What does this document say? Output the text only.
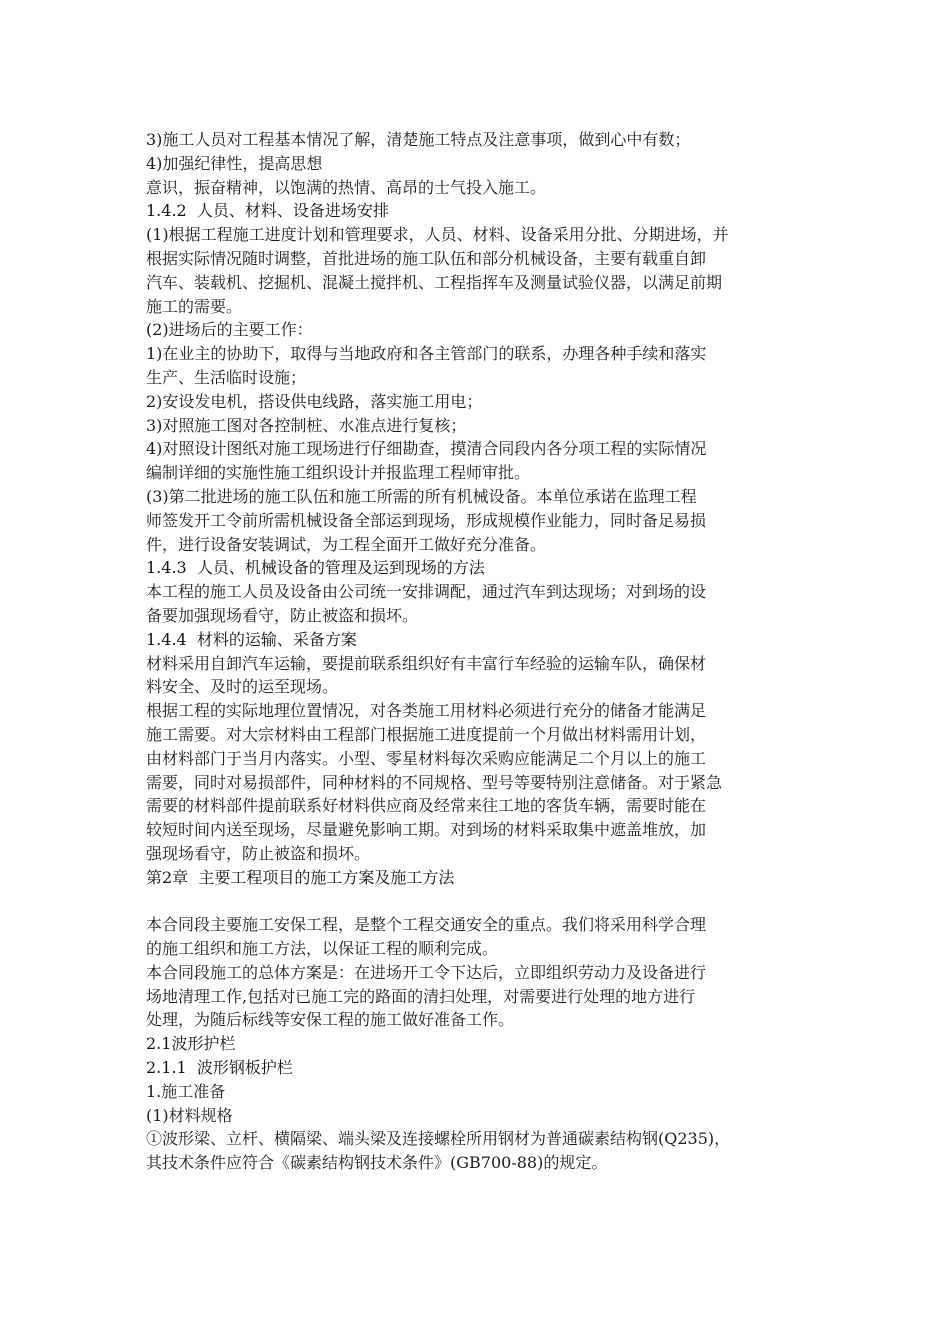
3)施工人员对工程基本情况了解，清楚施工特点及注意事项，做到心中有数；
4)加强纪律性，提高思想
意识，振奋精神，以饱满的热情、高昂的士气投入施工。
1.4.2  人员、材料、设备进场安排
(1)根据工程施工进度计划和管理要求，人员、材料、设备采用分批、分期进场，并
根据实际情况随时调整，首批进场的施工队伍和部分机械设备，主要有载重自卸
汽车、装载机、挖掘机、混凝土搅拌机、工程指挥车及测量试验仪器，以满足前期
施工的需要。
(2)进场后的主要工作：
1)在业主的协助下，取得与当地政府和各主管部门的联系，办理各种手续和落实
生产、生活临时设施；
2)安设发电机，搭设供电线路，落实施工用电；
3)对照施工图对各控制桩、水准点进行复核；
4)对照设计图纸对施工现场进行仔细勘查，摸清合同段内各分项工程的实际情况
编制详细的实施性施工组织设计并报监理工程师审批。
(3)第二批进场的施工队伍和施工所需的所有机械设备。本单位承诺在监理工程
师签发开工令前所需机械设备全部运到现场，形成规模作业能力，同时备足易损
件，进行设备安装调试，为工程全面开工做好充分准备。
1.4.3  人员、机械设备的管理及运到现场的方法
本工程的施工人员及设备由公司统一安排调配，通过汽车到达现场；对到场的设
备要加强现场看守，防止被盗和损坏。
1.4.4  材料的运输、采备方案
材料采用自卸汽车运输，要提前联系组织好有丰富行车经验的运输车队，确保材
料安全、及时的运至现场。
根据工程的实际地理位置情况，对各类施工用材料必须进行充分的储备才能满足
施工需要。对大宗材料由工程部门根据施工进度提前一个月做出材料需用计划，
由材料部门于当月内落实。小型、零星材料每次采购应能满足二个月以上的施工
需要，同时对易损部件，同种材料的不同规格、型号等要特别注意储备。对于紧急
需要的材料部件提前联系好材料供应商及经常来往工地的客货车辆，需要时能在
较短时间内送至现场，尽量避免影响工期。对到场的材料采取集中遮盖堆放，加
强现场看守，防止被盗和损坏。
第2章  主要工程项目的施工方案及施工方法
本合同段主要施工安保工程，是整个工程交通安全的重点。我们将采用科学合理
的施工组织和施工方法，以保证工程的顺利完成。
本合同段施工的总体方案是：在进场开工令下达后，立即组织劳动力及设备进行
场地清理工作,包括对已施工完的路面的清扫处理，对需要进行处理的地方进行
处理，为随后标线等安保工程的施工做好准备工作。
2.1波形护栏
2.1.1  波形钢板护栏
1.施工准备
(1)材料规格
①波形梁、立杆、横隔梁、端头梁及连接螺栓所用钢材为普通碳素结构钢(Q235)，
其技术条件应符合《碳素结构钢技术条件》(GB700-88)的规定。
